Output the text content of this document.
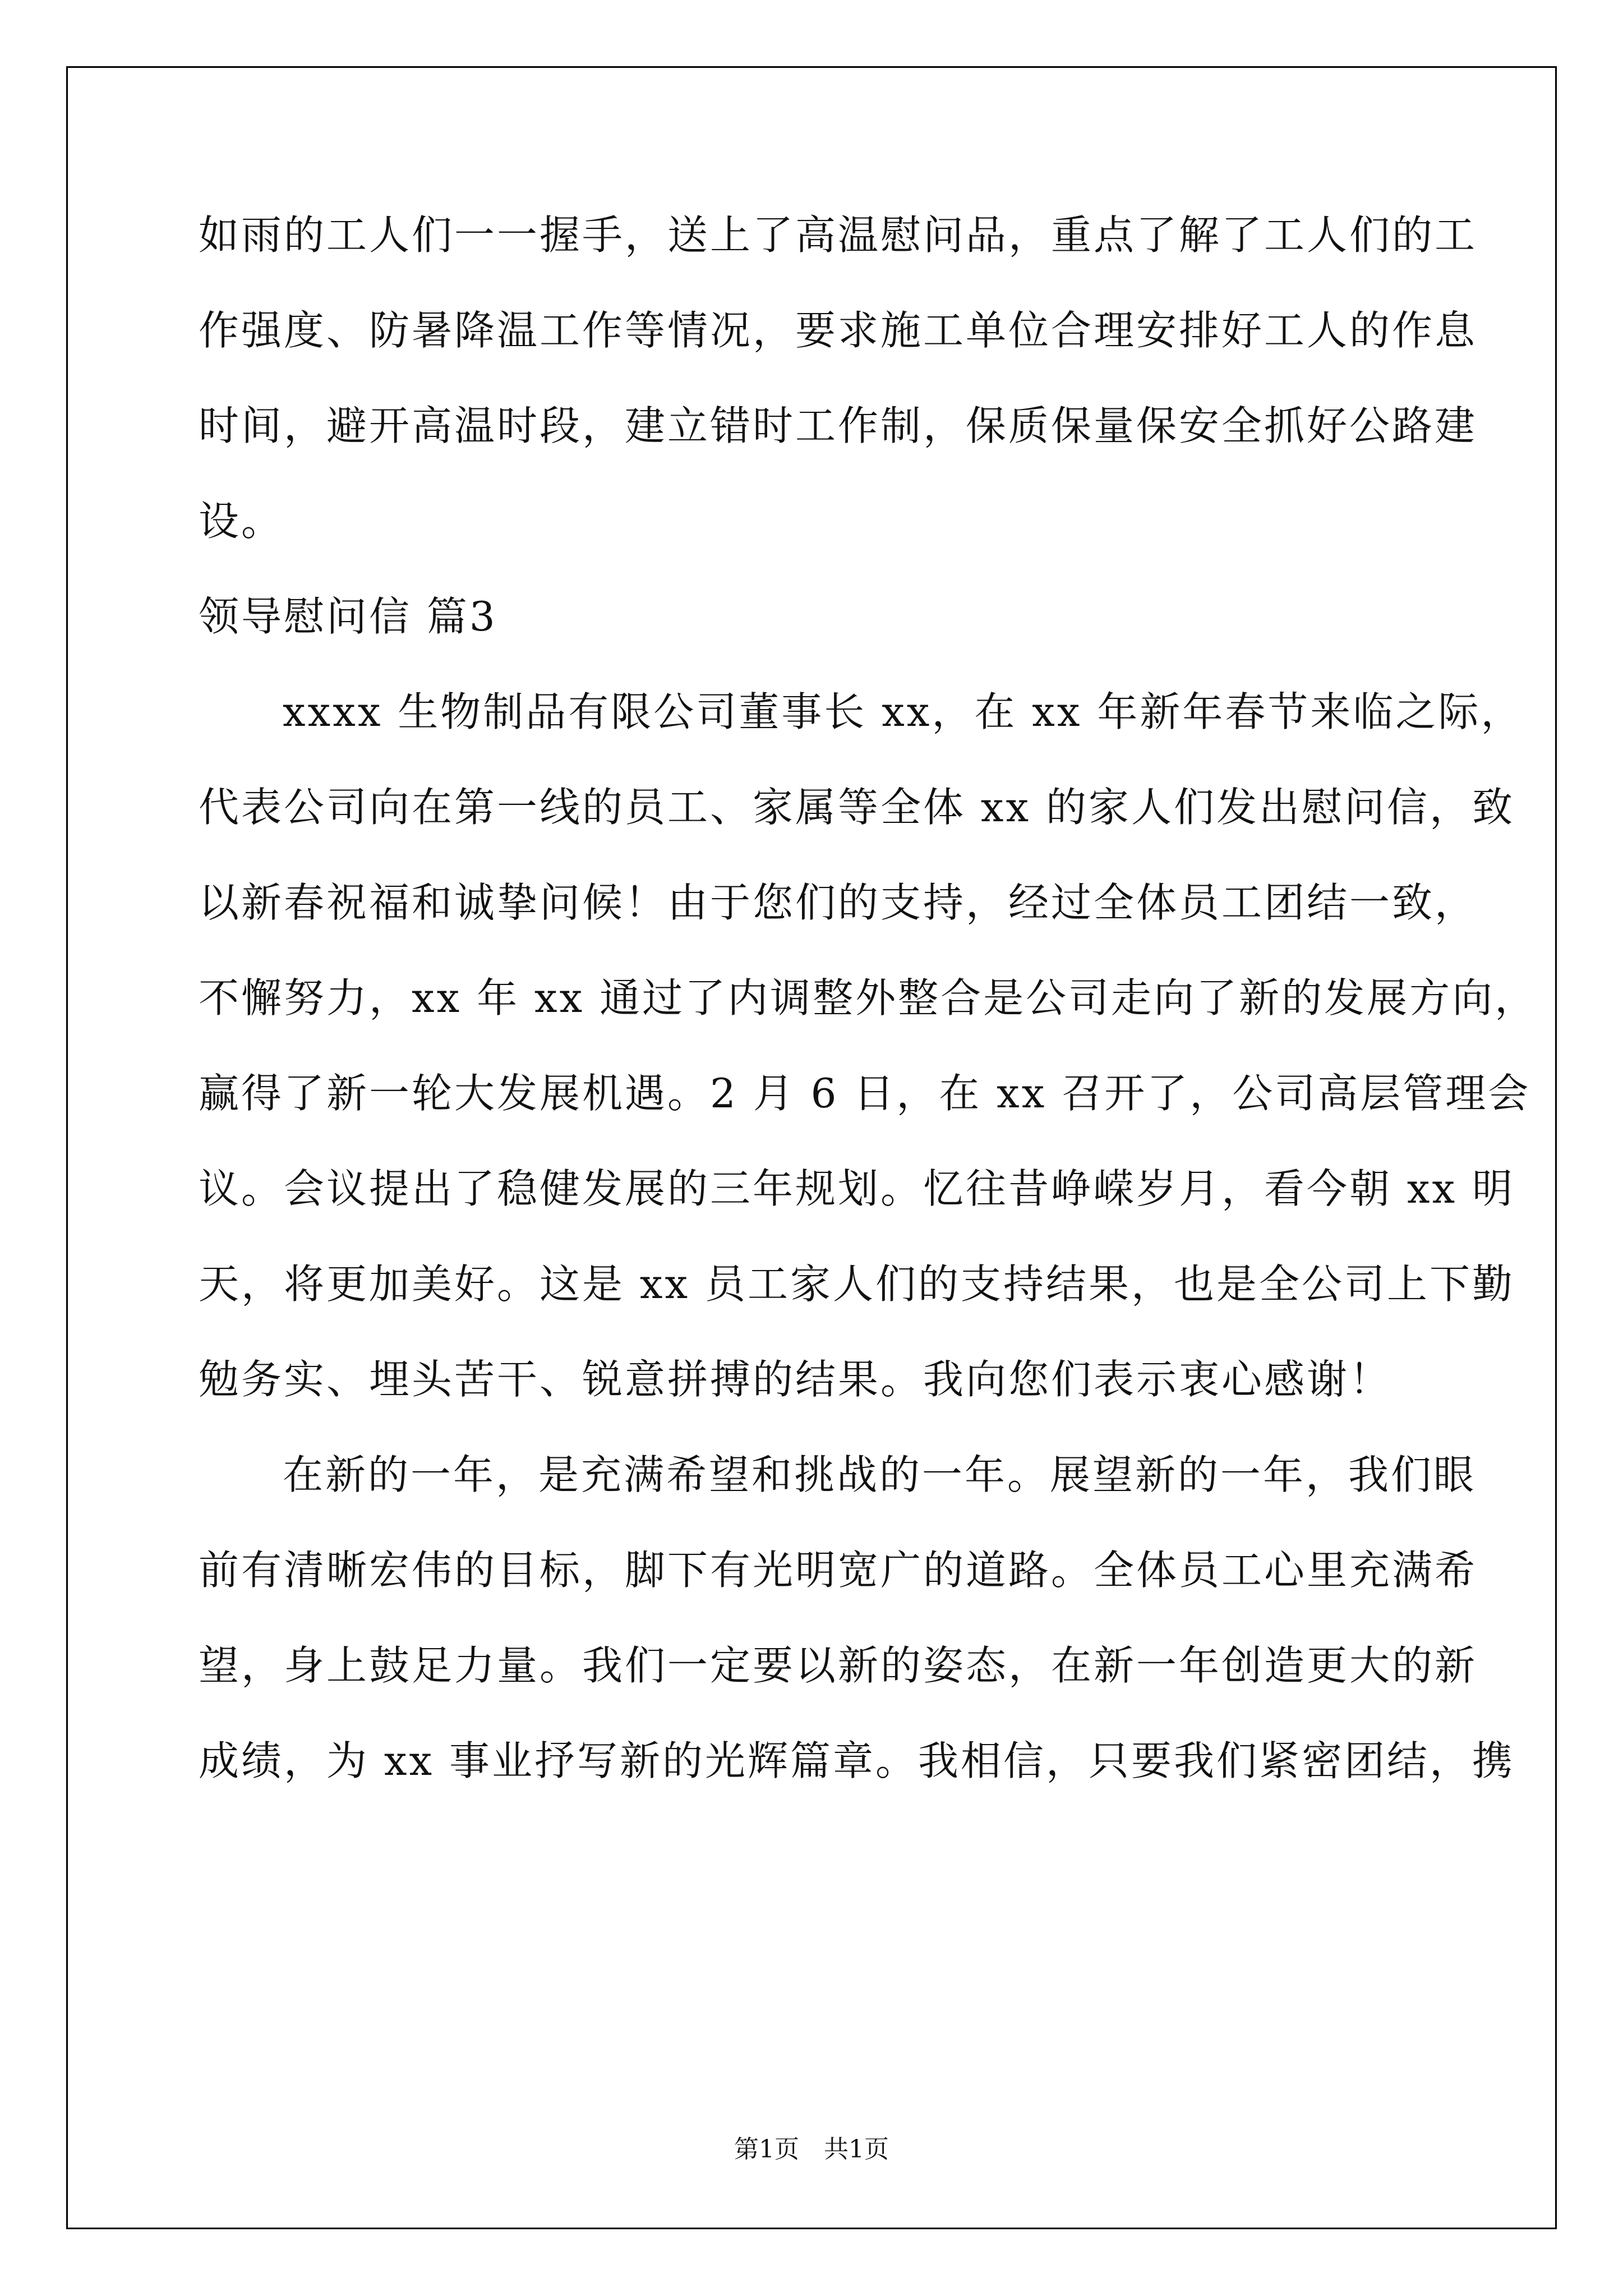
如雨的工人们一一握手，送上了高温慰问品，重点了解了工人们的工
作强度、防暑降温工作等情况，要求施工单位合理安排好工人的作息
时间，避开高温时段，建立错时工作制，保质保量保安全抓好公路建
设。
领导慰问信 篇3
xxxx 生物制品有限公司董事长 xx，在 xx 年新年春节来临之际，
代表公司向在第一线的员工、家属等全体 xx 的家人们发出慰问信，致
以新春祝福和诚挚问候！由于您们的支持，经过全体员工团结一致，
不懈努力，xx 年 xx 通过了内调整外整合是公司走向了新的发展方向，
赢得了新一轮大发展机遇。2 月 6 日，在 xx 召开了，公司高层管理会
议。会议提出了稳健发展的三年规划。忆往昔峥嵘岁月，看今朝 xx 明
天，将更加美好。这是 xx 员工家人们的支持结果，也是全公司上下勤
勉务实、埋头苦干、锐意拼搏的结果。我向您们表示衷心感谢！
在新的一年，是充满希望和挑战的一年。展望新的一年，我们眼
前有清晰宏伟的目标，脚下有光明宽广的道路。全体员工心里充满希
望，身上鼓足力量。我们一定要以新的姿态，在新一年创造更大的新
成绩，为 xx 事业抒写新的光辉篇章。我相信，只要我们紧密团结，携
第1页　共1页
